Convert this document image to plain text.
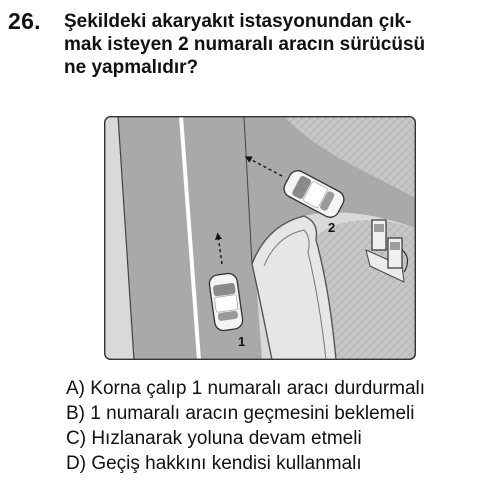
26. Şekildeki akaryakıt istasyonundan çık-
mak isteyen 2 numaralı aracın sürücüsü
ne yapmalıdır?
1
2
A) Korna çalıp 1 numaralı aracı durdurmalı
B) 1 numaralı aracın geçmesini beklemeli
C) Hızlanarak yoluna devam etmeli
D) Geçiş hakkını kendisi kullanmalı
